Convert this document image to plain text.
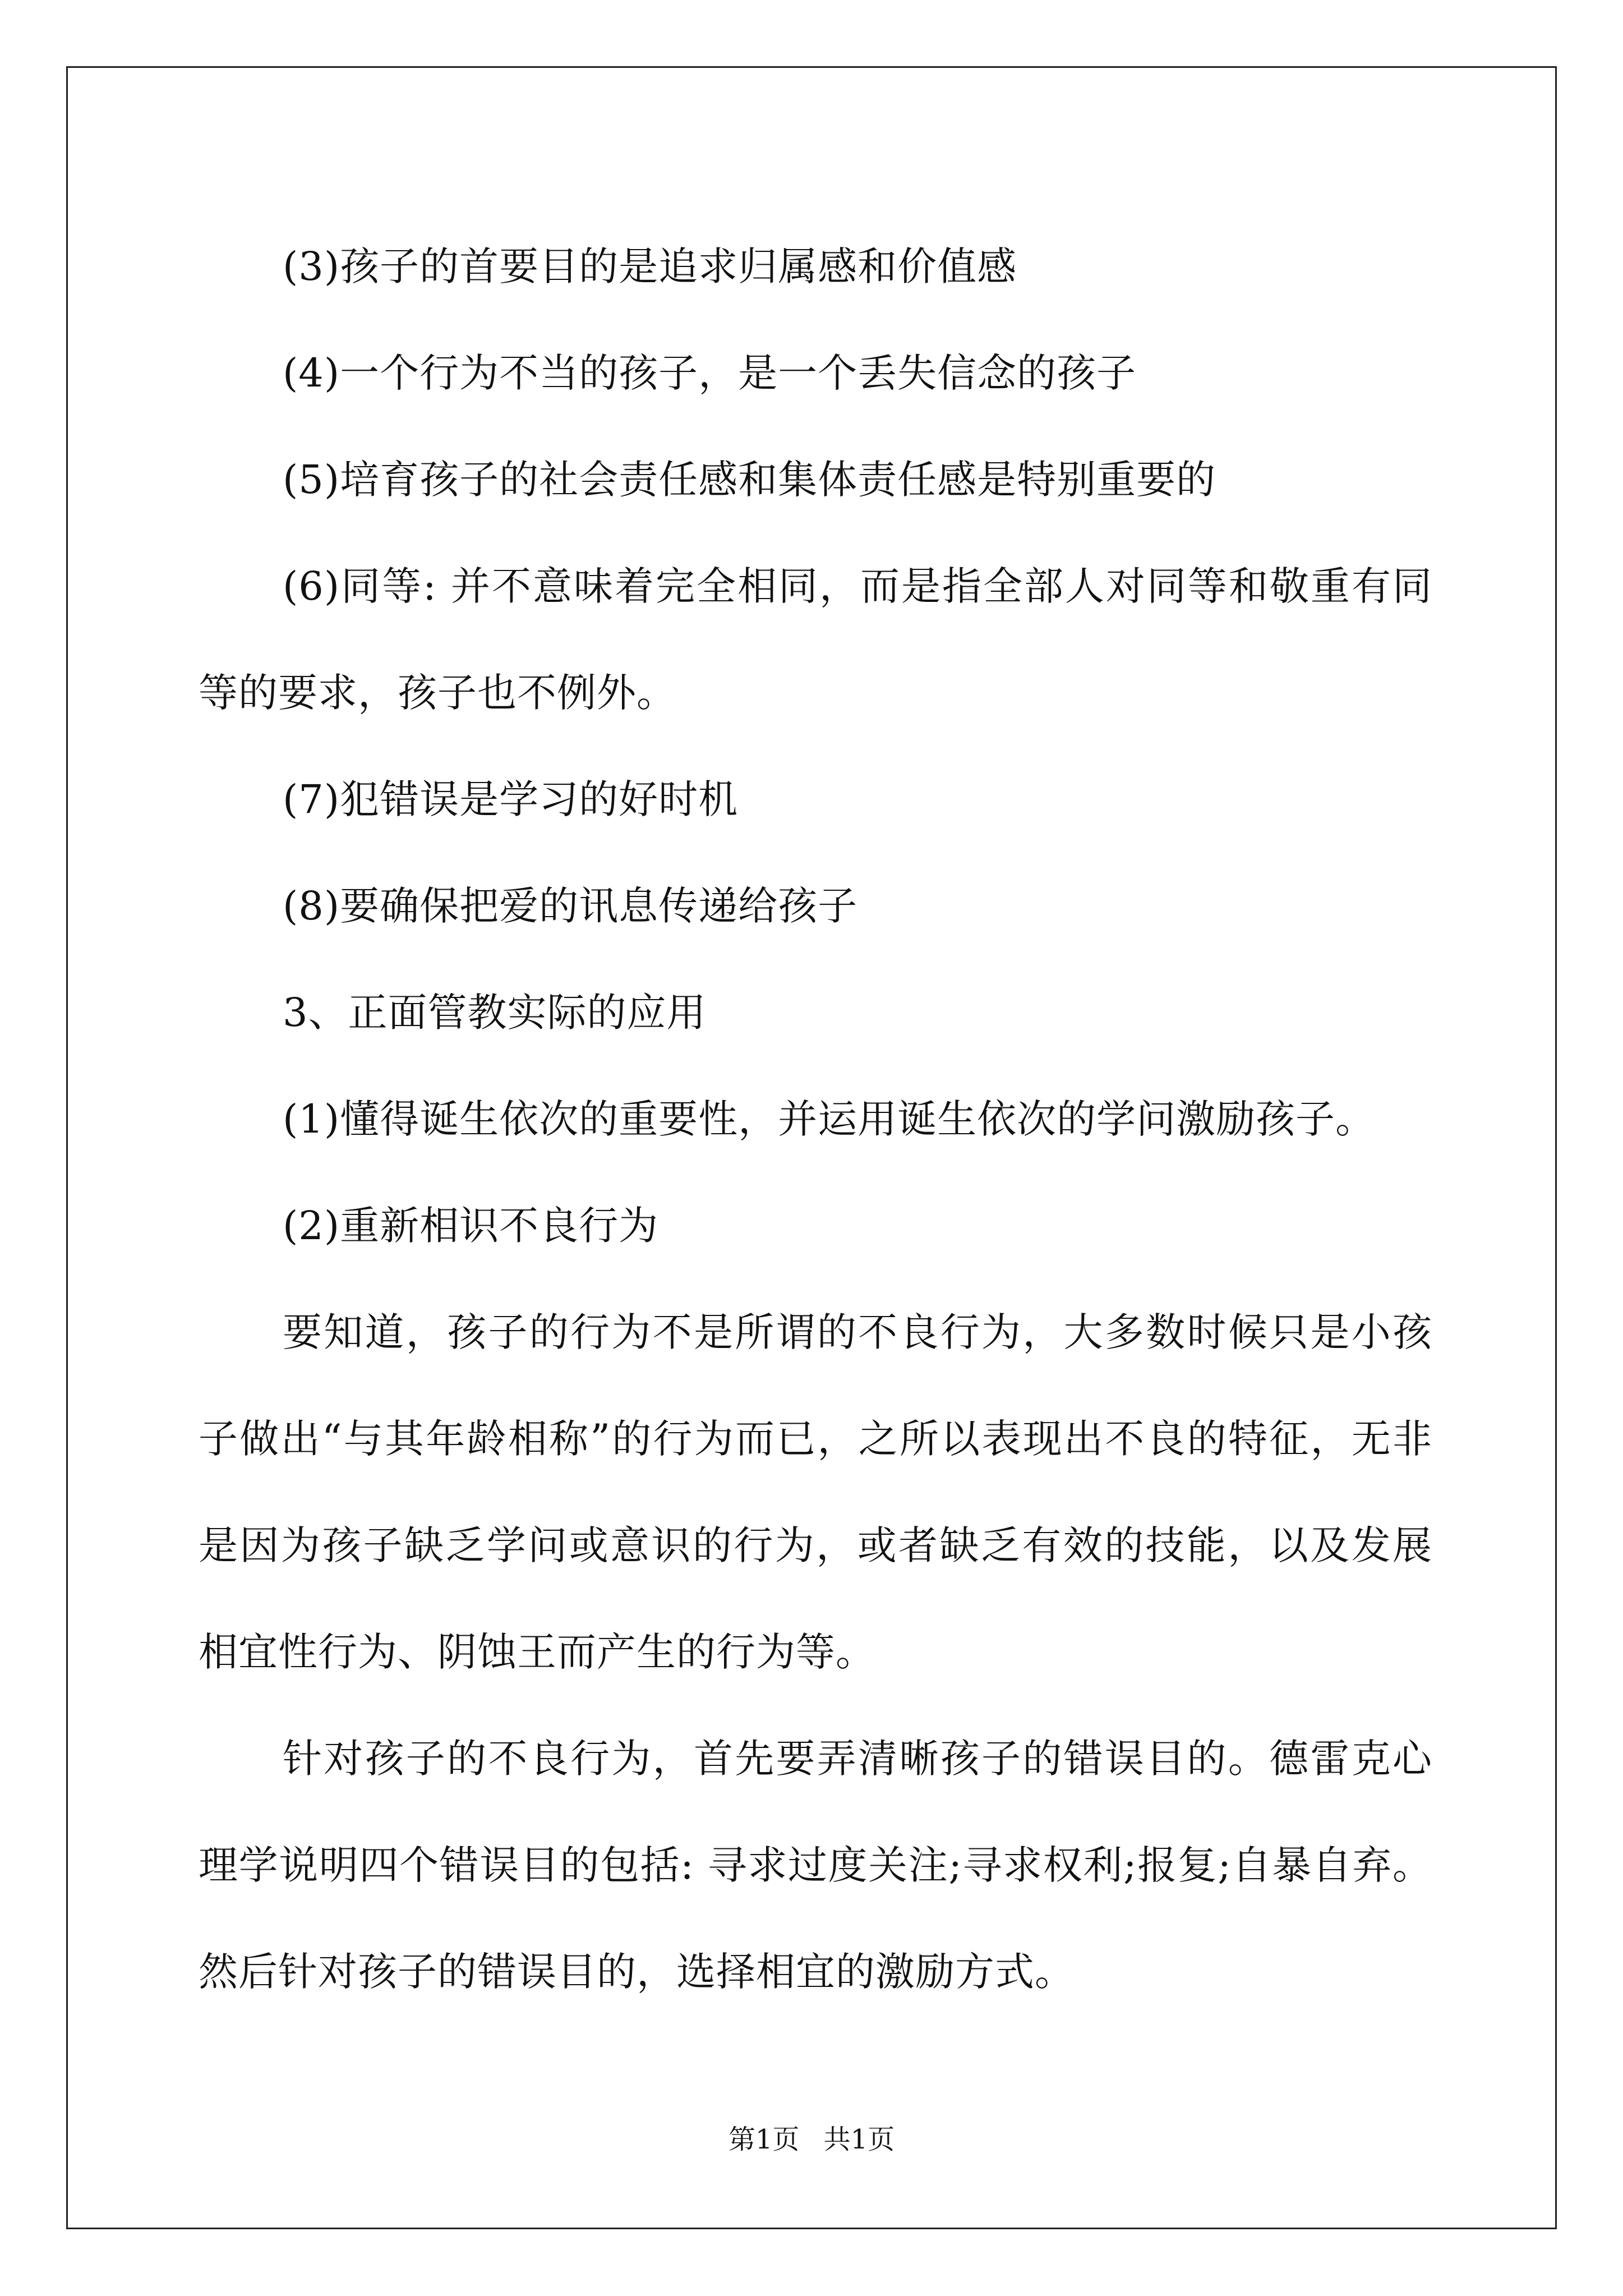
(3)孩子的首要目的是追求归属感和价值感

(4)一个行为不当的孩子，是一个丢失信念的孩子

(5)培育孩子的社会责任感和集体责任感是特别重要的

(6)同等: 并不意味着完全相同，而是指全部人对同等和敬重有同等的要求，孩子也不例外。

(7)犯错误是学习的好时机

(8)要确保把爱的讯息传递给孩子

3、正面管教实际的应用

(1)懂得诞生依次的重要性，并运用诞生依次的学问激励孩子。

(2)重新相识不良行为

要知道，孩子的行为不是所谓的不良行为，大多数时候只是小孩子做出“与其年龄相称”的行为而已，之所以表现出不良的特征，无非是因为孩子缺乏学问或意识的行为，或者缺乏有效的技能，以及发展相宜性行为、阴蚀王而产生的行为等。

针对孩子的不良行为，首先要弄清晰孩子的错误目的。德雷克心理学说明四个错误目的包括: 寻求过度关注;寻求权利;报复;自暴自弃。然后针对孩子的错误目的，选择相宜的激励方式。

第1页 共1页
